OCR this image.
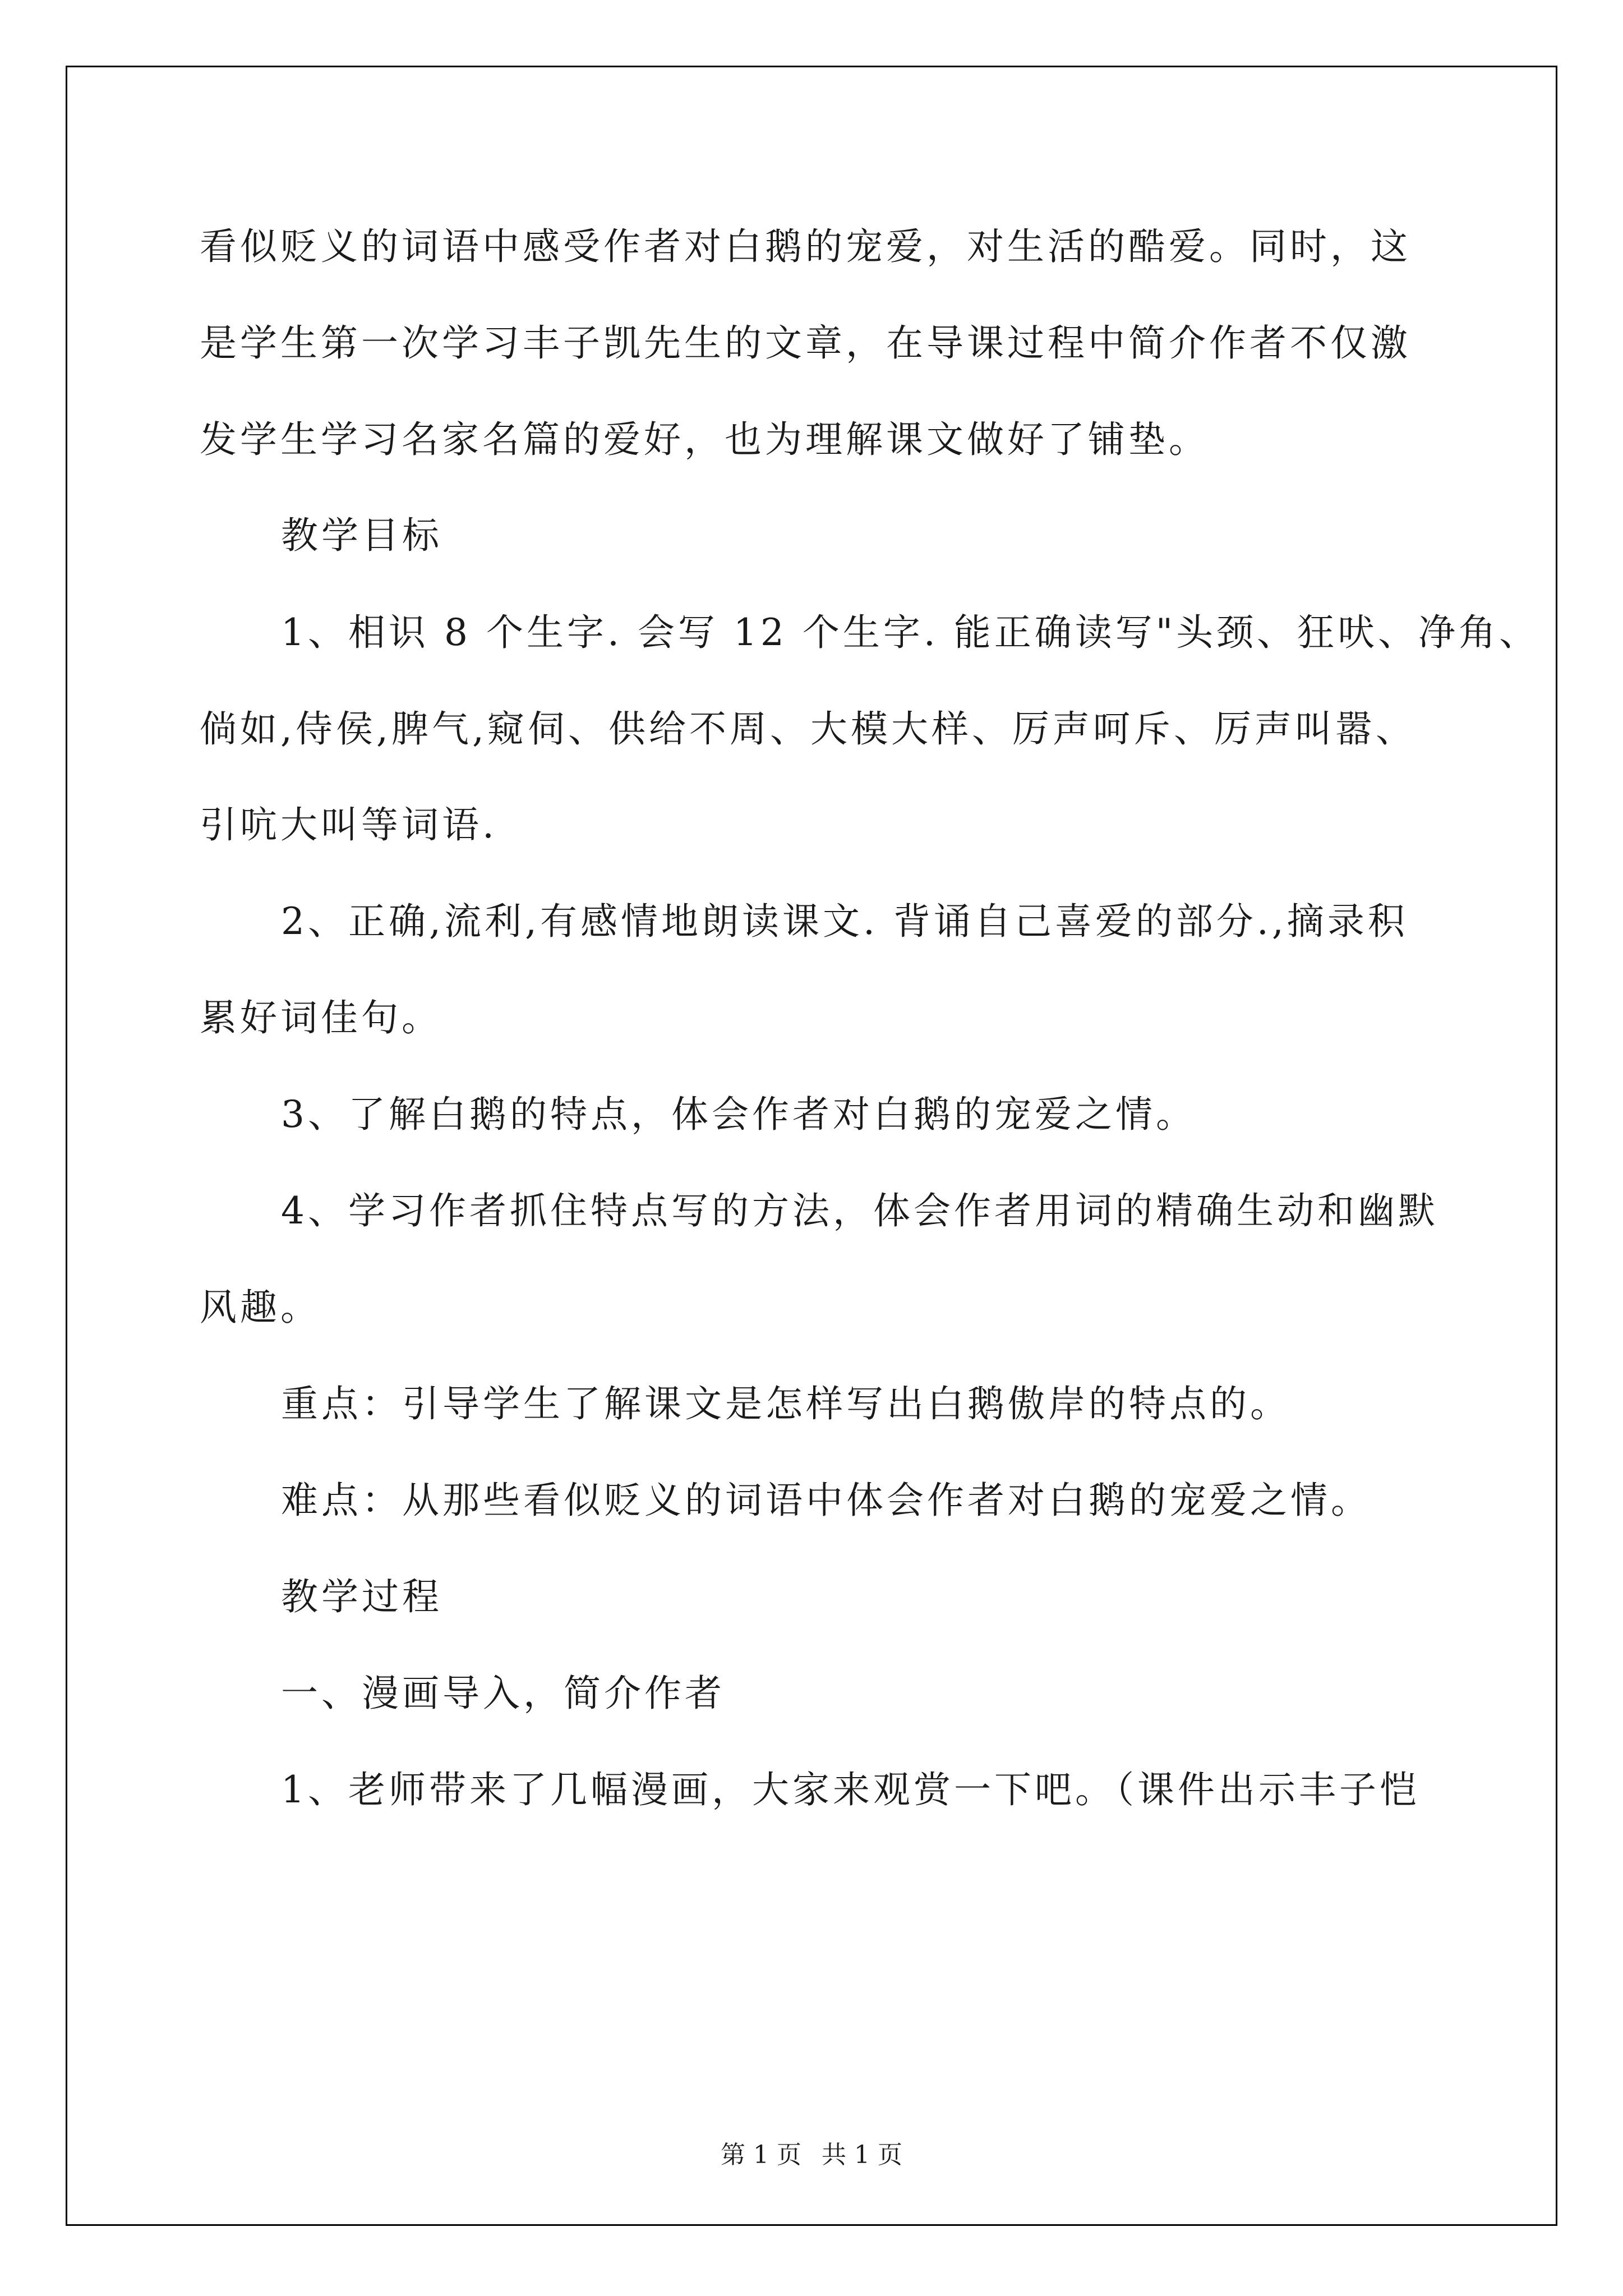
看似贬义的词语中感受作者对白鹅的宠爱，对生活的酷爱。同时，这
是学生第一次学习丰子凯先生的文章，在导课过程中简介作者不仅激
发学生学习名家名篇的爱好，也为理解课文做好了铺垫。
教学目标
1、相识 8 个生字. 会写 12 个生字. 能正确读写"头颈、狂吠、净角、
倘如,侍侯,脾气,窥伺、供给不周、大模大样、厉声呵斥、厉声叫嚣、
引吭大叫等词语.
2、正确,流利,有感情地朗读课文. 背诵自己喜爱的部分.,摘录积
累好词佳句。
3、了解白鹅的特点，体会作者对白鹅的宠爱之情。
4、学习作者抓住特点写的方法，体会作者用词的精确生动和幽默
风趣。
重点：引导学生了解课文是怎样写出白鹅傲岸的特点的。
难点：从那些看似贬义的词语中体会作者对白鹅的宠爱之情。
教学过程
一、漫画导入，简介作者
1、老师带来了几幅漫画，大家来观赏一下吧。（课件出示丰子恺
第 1 页 共 1 页
